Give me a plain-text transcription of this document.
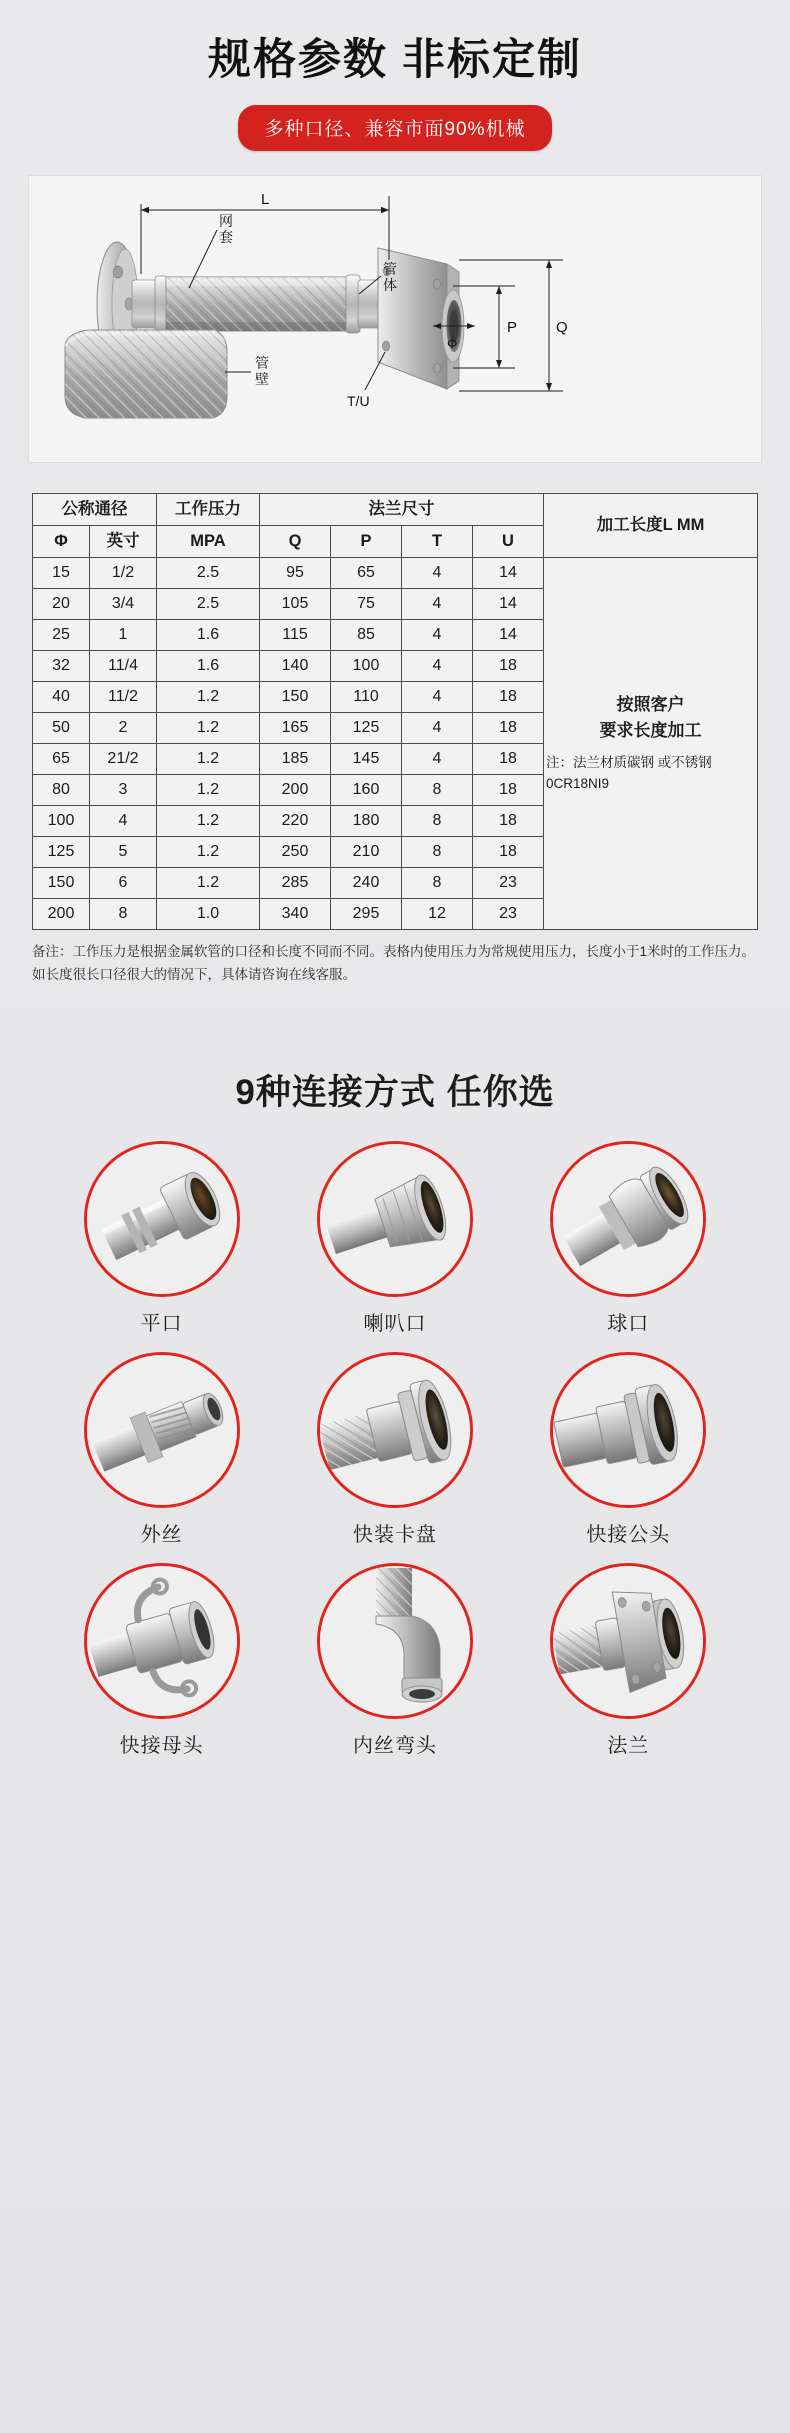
规格参数 非标定制
多种口径、兼容市面90%机械
L
网
套
管
体
管
壁
T/U
Φ
P	Q
公称通径		工作压力	法兰尺寸				加工长度L MM
Φ	英寸	MPA	Q	P	T	U	
15	1/2	2.5	95	65	4	14	按照客户
要求长度加工
注：法兰材质碳钢 或不锈钢0CR18NI9

20	3/4	2.5	105	75	4	14	
25	1	1.6	115	85	4	14	
32	11/4	1.6	140	100	4	18	
40	11/2	1.2	150	110	4	18	
50	2	1.2	165	125	4	18	
65	21/2	1.2	185	145	4	18	
80	3	1.2	200	160	8	18	
100	4	1.2	220	180	8	18	
125	5	1.2	250	210	8	18	
150	6	1.2	285	240	8	23	
200	8	1.0	340	295	12	23	
备注：工作压力是根据金属软管的口径和长度不同而不同。表格内使用压力为常规使用压力，长度小于1米时的工作压力。如长度很长口径很大的情况下，具体请咨询在线客服。
9种连接方式 任你选
平口	喇叭口	球口
外丝	快装卡盘	快接公头
快接母头	内丝弯头	法兰
